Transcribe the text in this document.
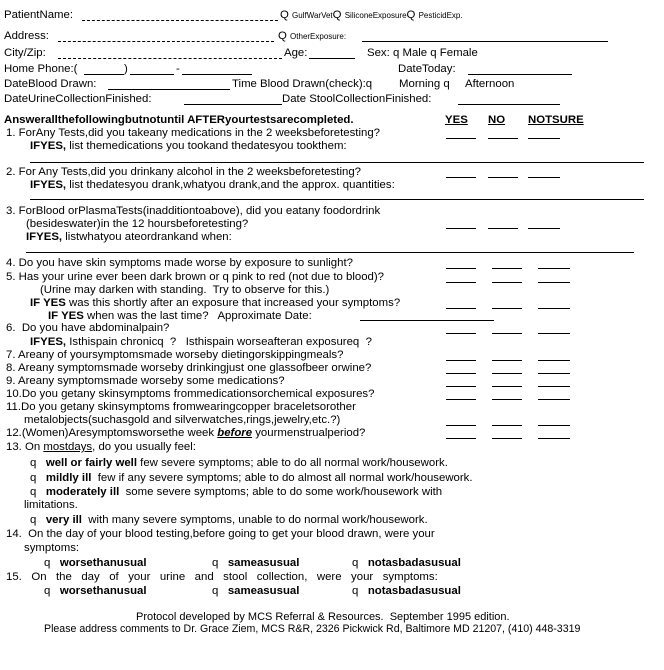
PatientName:	Q GulfWarVetQ SiliconeExposureQ PesticidExp.
Address:	Q OtherExposure:
City/Zip:	Age:	Sex: q Male q Female
Home Phone:(	)	-	DateToday:
DateBlood Drawn:	Time Blood Drawn(check):q Morning q Afternoon
DateUrineCollectionFinished:	Date StoolCollectionFinished:
Answerallthefollowingbutnotuntil AFTERyourtestsarecompleted.	YES NO NOTSURE
1. ForAny Tests,did you takeany medications in the 2 weeksbeforetesting?
IFYES, list themedications you tookand thedatesyou tookthem:
2. For Any Tests,did you drinkany alcohol in the 2 weeksbeforetesting?
IFYES, list thedatesyou drank,whatyou drank,and the approx. quantities:
3. ForBlood orPlasmaTests(inadditiontoabove), did you eatany foodordrink
(besideswater)in the 12 hoursbeforetesting?
IFYES, listwhatyou ateordrankand when:
4. Do you have skin symptoms made worse by exposure to sunlight?
5. Has your urine ever been dark brown or q pink to red (not due to blood)?
(Urine may darken with standing.  Try to observe for this.)
IF YES was this shortly after an exposure that increased your symptoms?
IF YES when was the last time?   Approximate Date:
6.  Do you have abdominalpain?
IFYES, Isthispain chronicq  ?   Isthispain worseafteran exposureq  ?
7. Areany of yoursymptomsmade worseby dietingorskippingmeals?
8. Areany symptomsmade worseby drinkingjust one glassofbeer orwine?
9. Areany symptomsmade worseby some medications?
10.Do you getany skinsymptoms frommedicationsorchemical exposures?
11.Do you getany skinsymptoms fromwearingcopper braceletsorother
metalobjects(suchasgold and silverwatches,rings,jewelry,etc.?)
12.(Women)Aresymptomsworsethe week before yourmenstrualperiod?
13. On mostdays, do you usually feel:
q well or fairly well few severe symptoms; able to do all normal work/housework.
q mildly ill  few if any severe symptoms; able to do almost all normal work/housework.
q moderately ill  some severe symptoms; able to do some work/housework with
limitations.
q very ill  with many severe symptoms, unable to do normal work/housework.
14.  On the day of your blood testing,before going to get your blood drawn, were your
symptoms:
q worsethanusual	q sameasusual	q notasbadasusual
15.   On   the   day   of   your   urine   and   stool   collection,   were   your   symptoms:
q worsethanusual	q sameasusual	q notasbadasusual
Protocol developed by MCS Referral & Resources.  September 1995 edition.
Please address comments to Dr. Grace Ziem, MCS R&R, 2326 Pickwick Rd, Baltimore MD 21207, (410) 448-3319
